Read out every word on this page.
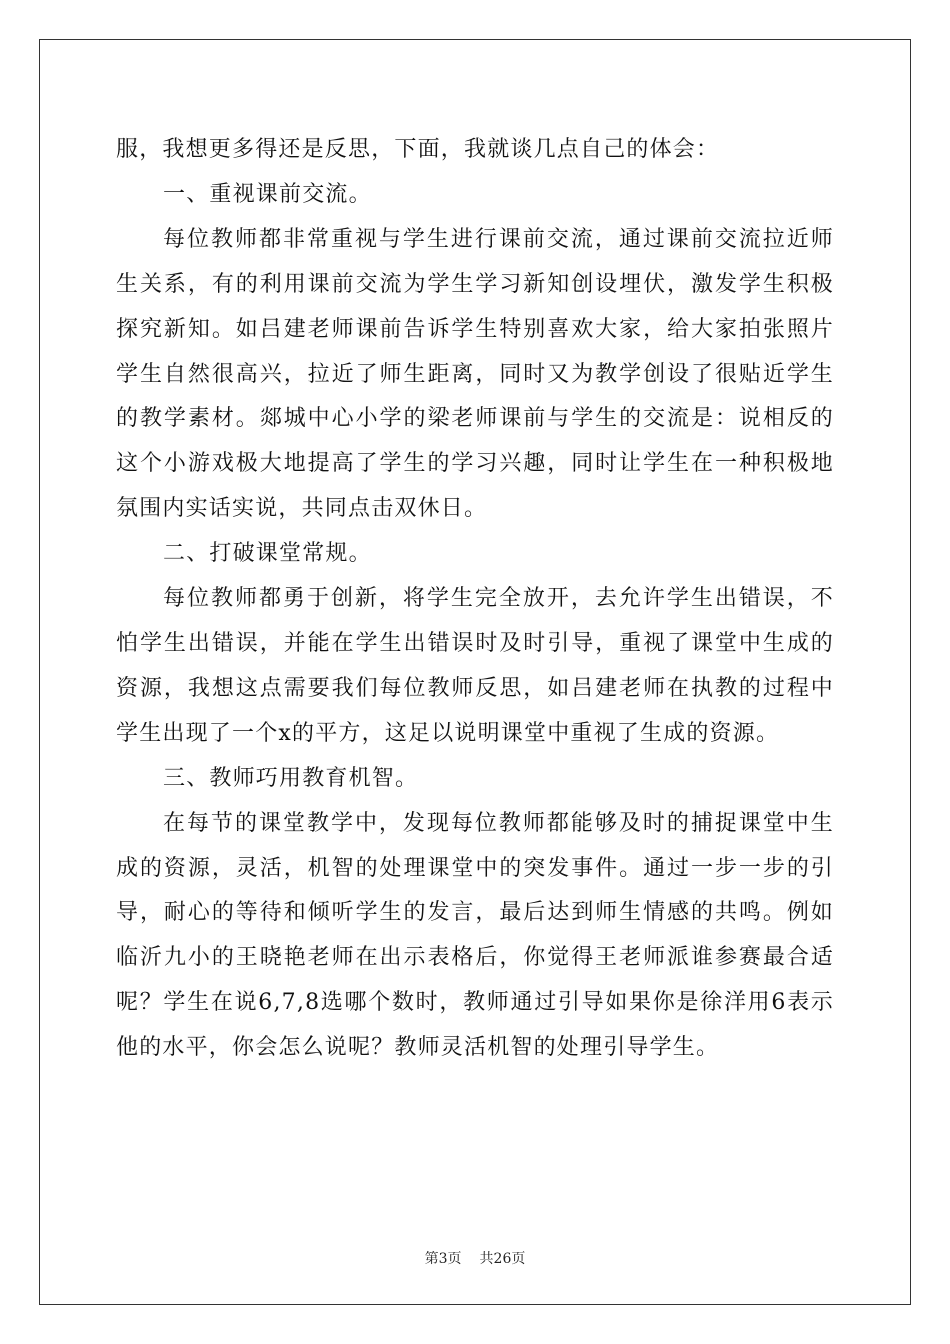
服，我想更多得还是反思，下面，我就谈几点自己的体会：

一、重视课前交流。

每位教师都非常重视与学生进行课前交流，通过课前交流拉近师生关系，有的利用课前交流为学生学习新知创设埋伏，激发学生积极探究新知。如吕建老师课前告诉学生特别喜欢大家，给大家拍张照片学生自然很高兴，拉近了师生距离，同时又为教学创设了很贴近学生的教学素材。郯城中心小学的梁老师课前与学生的交流是：说相反的这个小游戏极大地提高了学生的学习兴趣，同时让学生在一种积极地氛围内实话实说，共同点击双休日。

二、打破课堂常规。

每位教师都勇于创新，将学生完全放开，去允许学生出错误，不怕学生出错误，并能在学生出错误时及时引导，重视了课堂中生成的资源，我想这点需要我们每位教师反思，如吕建老师在执教的过程中学生出现了一个x的平方，这足以说明课堂中重视了生成的资源。

三、教师巧用教育机智。

在每节的课堂教学中，发现每位教师都能够及时的捕捉课堂中生成的资源，灵活，机智的处理课堂中的突发事件。通过一步一步的引导，耐心的等待和倾听学生的发言，最后达到师生情感的共鸣。例如临沂九小的王晓艳老师在出示表格后，你觉得王老师派谁参赛最合适呢？学生在说6,7,8选哪个数时，教师通过引导如果你是徐洋用6表示他的水平，你会怎么说呢？教师灵活机智的处理引导学生。

第3页 共26页
